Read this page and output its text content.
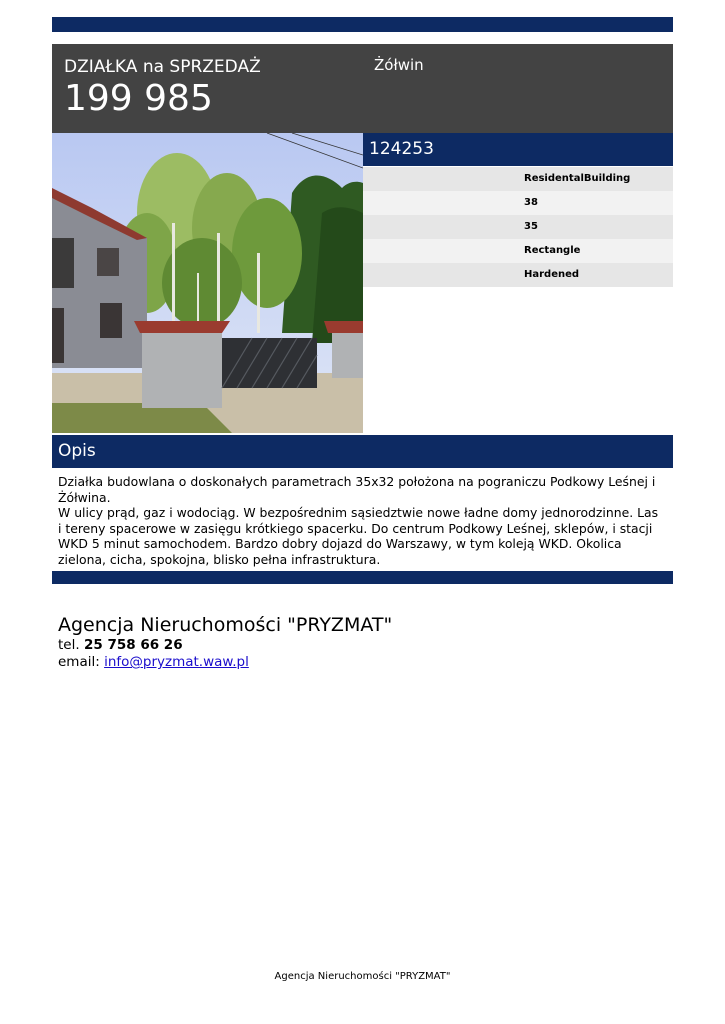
DZIAŁKA na SPRZEDAŻ
199 985
Żółwin
124253
ResidentalBuilding
38
35
Rectangle
Hardened
Opis

Działka budowlana o doskonałych parametrach 35x32 położona na pograniczu Podkowy Leśnej i Żółwina.

W ulicy prąd, gaz i wodociąg. W bezpośrednim sąsiedztwie nowe ładne domy jednorodzinne. Las i tereny spacerowe w zasięgu krótkiego spacerku. Do centrum Podkowy Leśnej, sklepów, i stacji WKD 5 minut samochodem. Bardzo dobry dojazd do Warszawy, w tym koleją WKD. Okolica zielona, cicha, spokojna, blisko pełna infrastruktura.

Agencja Nieruchomości "PRYZMAT"
tel. 25 758 66 26
email: info@pryzmat.waw.pl
Agencja Nieruchomości "PRYZMAT"
